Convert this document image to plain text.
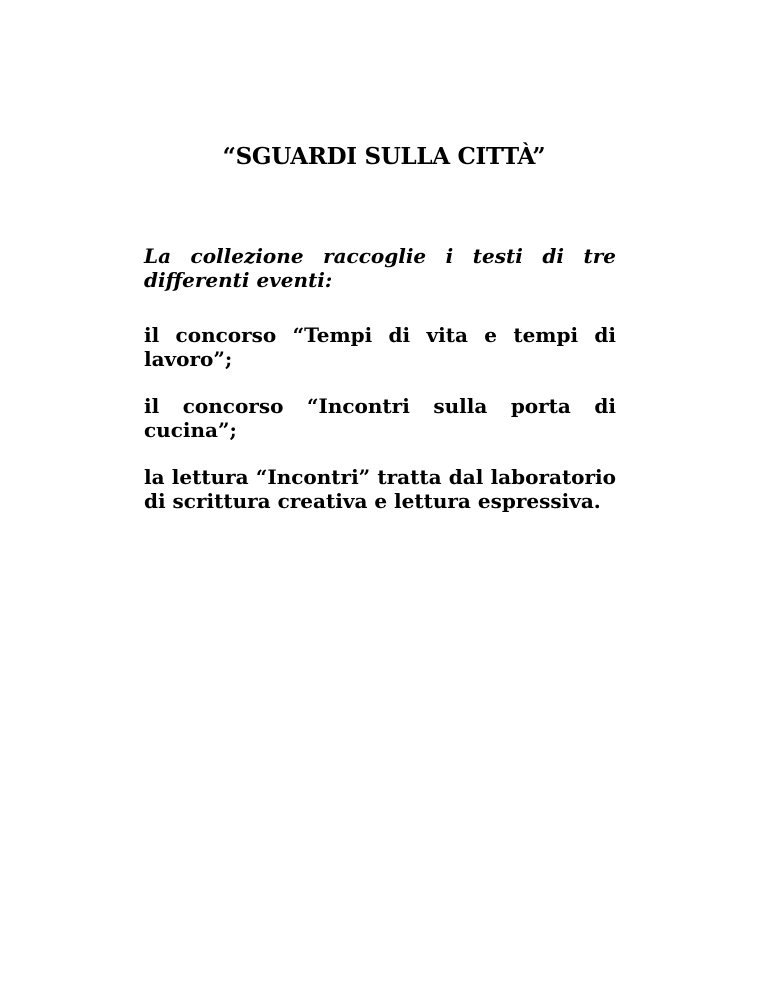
“SGUARDI SULLA CITTÀ”

La collezione raccoglie i testi di tre differenti eventi:

il concorso “Tempi di vita e tempi di lavoro”;

il concorso “Incontri sulla porta di cucina”;

la lettura “Incontri” tratta dal laboratorio di scrittura creativa e lettura espressiva.
